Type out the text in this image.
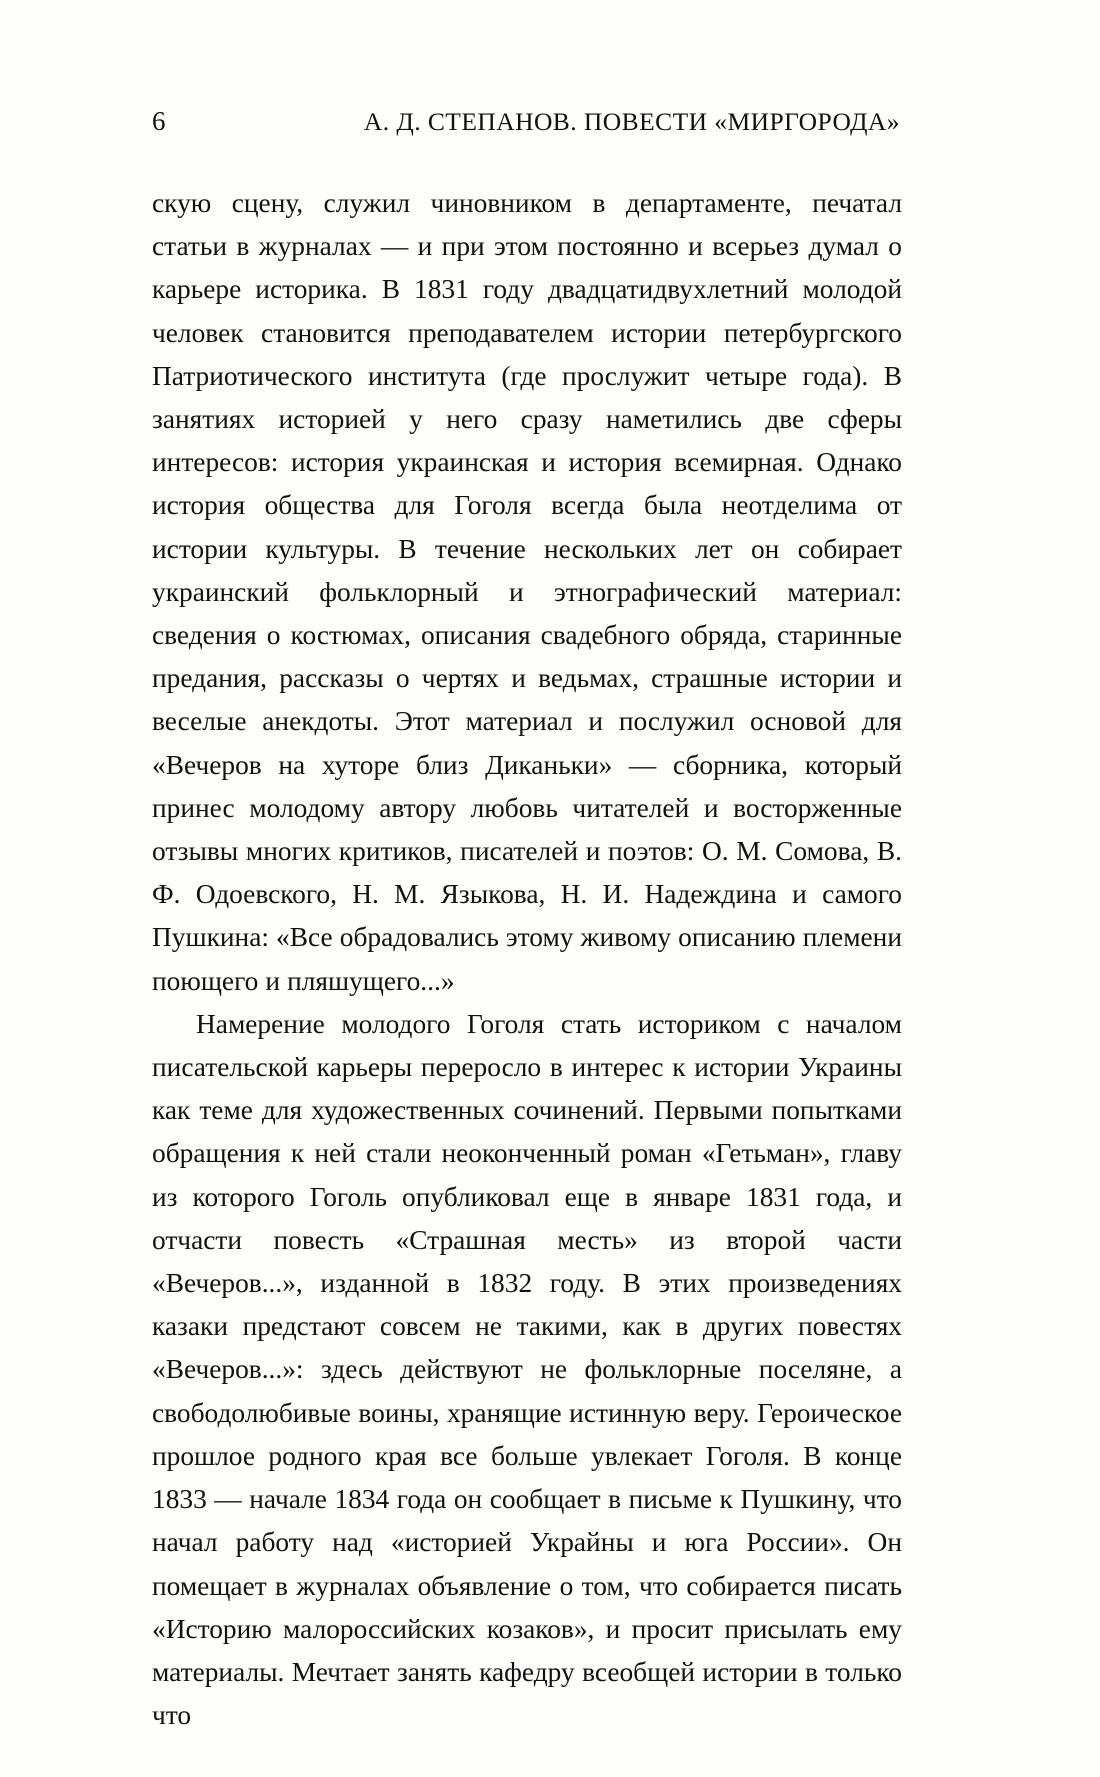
6	А. Д. СТЕПАНОВ. ПОВЕСТИ «МИРГОРОДА»

скую сцену, служил чиновником в департаменте, печатал статьи в журналах — и при этом постоянно и всерьез думал о карьере историка. В 1831 году двадцатидвухлетний молодой человек становится преподавателем истории петербургского Патриотического института (где прослужит четыре года). В занятиях историей у него сразу наметились две сферы интересов: история украинская и история всемирная. Однако история общества для Гоголя всегда была неотделима от истории культуры. В течение нескольких лет он собирает украинский фольклорный и этнографический материал: сведения о костюмах, описания свадебного обряда, старинные предания, рассказы о чертях и ведьмах, страшные истории и веселые анекдоты. Этот материал и послужил основой для «Вечеров на хуторе близ Диканьки» — сборника, который принес молодому автору любовь читателей и восторженные отзывы многих критиков, писателей и поэтов: О. М. Сомова, В. Ф. Одоевского, Н. М. Языкова, Н. И. Надеждина и самого Пушкина: «Все обрадовались этому живому описанию племени поющего и пляшущего...»

Намерение молодого Гоголя стать историком с началом писательской карьеры переросло в интерес к истории Украины как теме для художественных сочинений. Первыми попытками обращения к ней стали неоконченный роман «Гетьман», главу из которого Гоголь опубликовал еще в январе 1831 года, и отчасти повесть «Страшная месть» из второй части «Вечеров...», изданной в 1832 году. В этих произведениях казаки предстают совсем не такими, как в других повестях «Вечеров...»: здесь действуют не фольклорные поселяне, а свободолюбивые воины, хранящие истинную веру. Героическое прошлое родного края все больше увлекает Гоголя. В конце 1833 — начале 1834 года он сообщает в письме к Пушкину, что начал работу над «историей Украйны и юга России». Он помещает в журналах объявление о том, что собирается писать «Историю малороссийских козаков», и просит присылать ему материалы. Мечтает занять кафедру всеобщей истории в только что
